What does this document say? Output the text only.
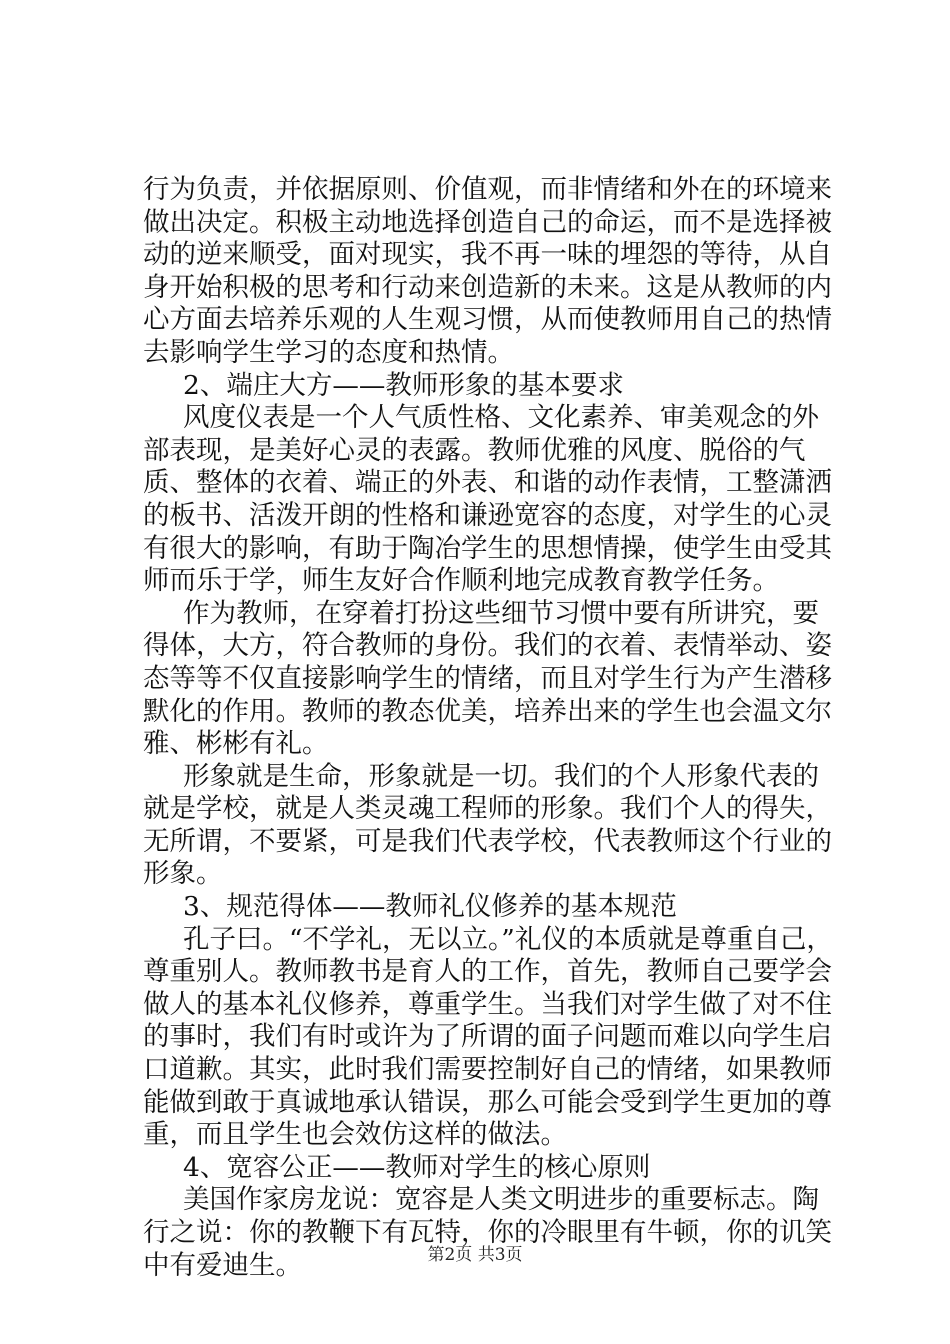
行为负责，并依据原则、价值观，而非情绪和外在的环境来做出决定。积极主动地选择创造自己的命运，而不是选择被动的逆来顺受，面对现实，我不再一味的埋怨的等待，从自身开始积极的思考和行动来创造新的未来。这是从教师的内心方面去培养乐观的人生观习惯，从而使教师用自己的热情去影响学生学习的态度和热情。

2、端庄大方——教师形象的基本要求

风度仪表是一个人气质性格、文化素养、审美观念的外部表现，是美好心灵的表露。教师优雅的风度、脱俗的气质、整体的衣着、端正的外表、和谐的动作表情，工整潇洒的板书、活泼开朗的性格和谦逊宽容的态度，对学生的心灵有很大的影响，有助于陶冶学生的思想情操，使学生由受其师而乐于学，师生友好合作顺利地完成教育教学任务。

作为教师，在穿着打扮这些细节习惯中要有所讲究，要得体，大方，符合教师的身份。我们的衣着、表情举动、姿态等等不仅直接影响学生的情绪，而且对学生行为产生潜移默化的作用。教师的教态优美，培养出来的学生也会温文尔雅、彬彬有礼。

形象就是生命，形象就是一切。我们的个人形象代表的就是学校，就是人类灵魂工程师的形象。我们个人的得失，无所谓，不要紧，可是我们代表学校，代表教师这个行业的形象。

3、规范得体——教师礼仪修养的基本规范

孔子曰。“不学礼，无以立。”礼仪的本质就是尊重自己，尊重别人。教师教书是育人的工作，首先，教师自己要学会做人的基本礼仪修养，尊重学生。当我们对学生做了对不住的事时，我们有时或许为了所谓的面子问题而难以向学生启口道歉。其实，此时我们需要控制好自己的情绪，如果教师能做到敢于真诚地承认错误，那么可能会受到学生更加的尊重，而且学生也会效仿这样的做法。

4、宽容公正——教师对学生的核心原则

美国作家房龙说：宽容是人类文明进步的重要标志。陶行之说：你的教鞭下有瓦特，你的冷眼里有牛顿，你的讥笑中有爱迪生。	第2页 共3页
